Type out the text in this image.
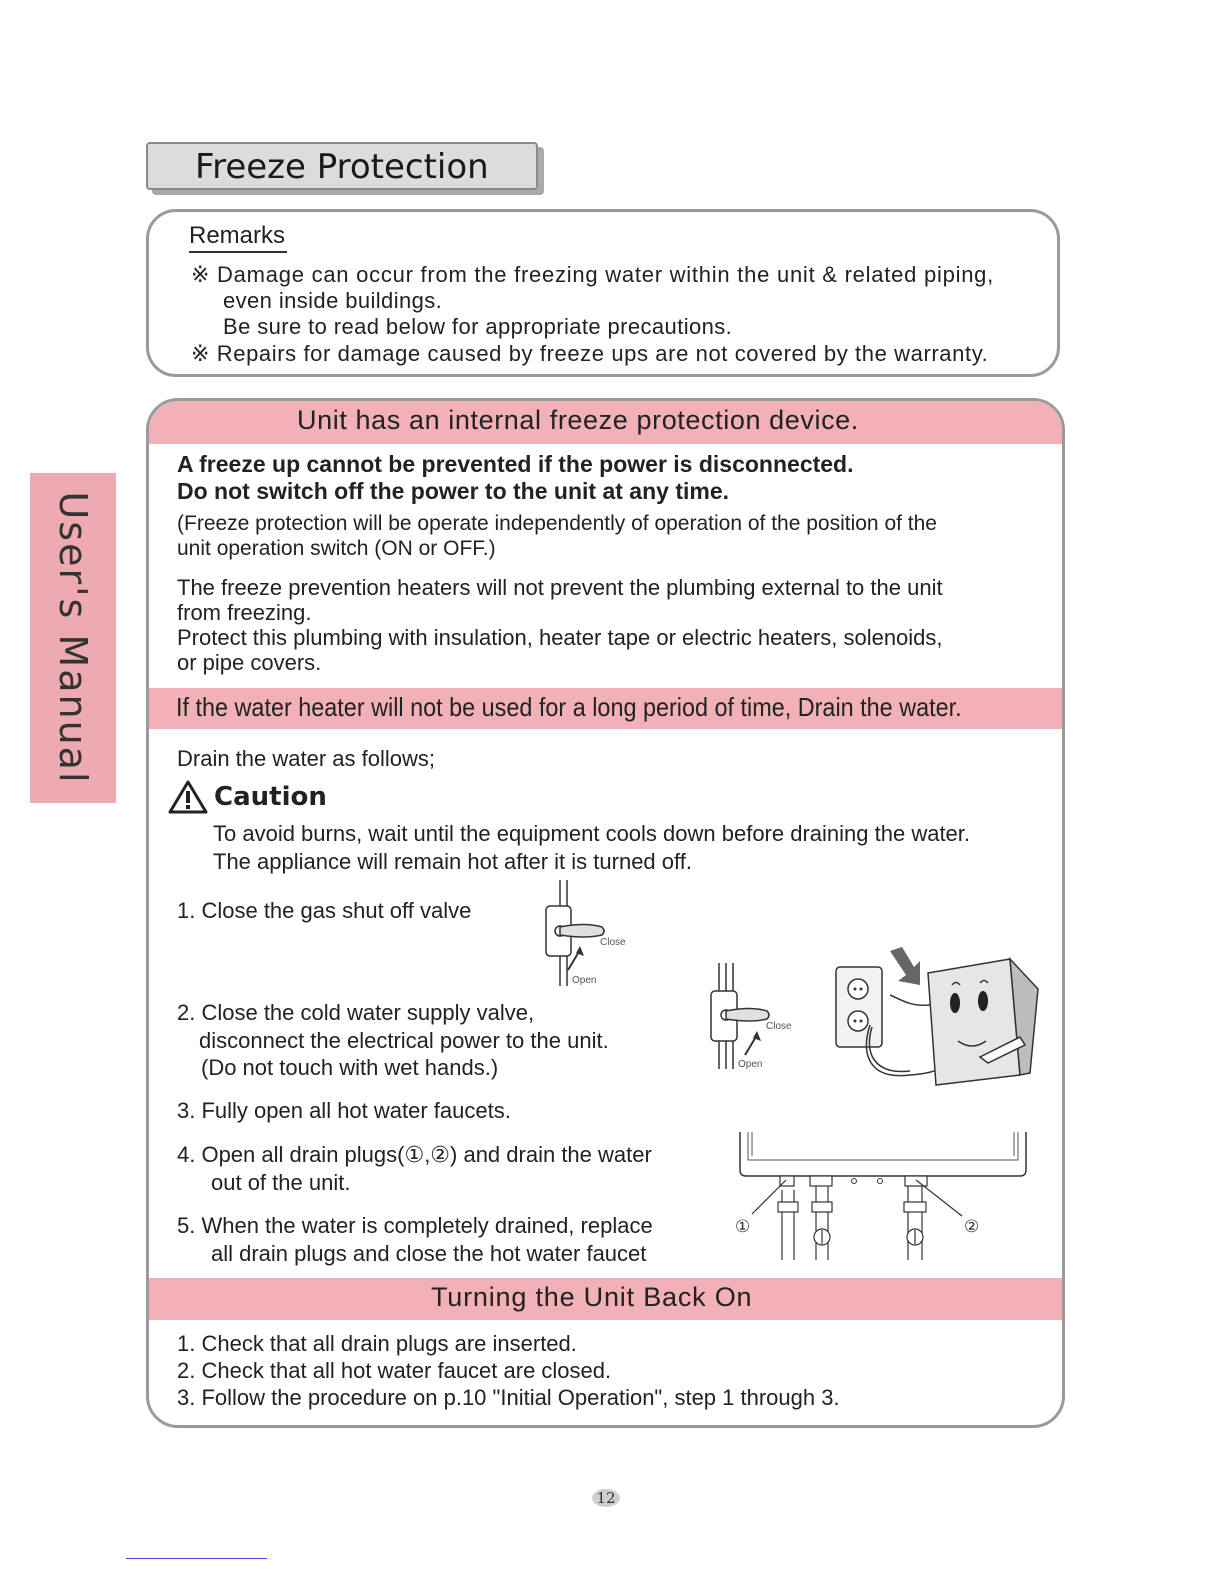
Freeze Protection
User's Manual
Remarks
※ Damage can occur from the freezing water within the unit & related piping,
even inside buildings.
Be sure to read below for appropriate precautions.
※ Repairs for damage caused by freeze ups are not covered by the warranty.
Unit has an internal freeze protection device.
A freeze up cannot be prevented if the power is disconnected.
Do not switch off the power to the unit at any time.
(Freeze protection will be operate independently of operation of the position of the
unit operation switch (ON or OFF.)
The freeze prevention heaters will not prevent the plumbing external to the unit
from freezing.
Protect this plumbing with insulation, heater tape or electric heaters, solenoids,
or pipe covers.
If the water heater will not be used for a long period of time, Drain the water.
Drain the water as follows;
Caution
To avoid burns, wait until the equipment cools down before draining the water.
The appliance will remain hot after it is turned off.
1. Close the gas shut off valve
2. Close the cold water supply valve,
disconnect the electrical power to the unit.
(Do not touch with wet hands.)
3. Fully open all hot water faucets.
4. Open all drain plugs(①,②) and drain the water
out of the unit.
5. When the water is completely drained, replace
all drain plugs and close the hot water faucet
Close
Open
Close
Open
①	②
Turning the Unit Back On
1. Check that all drain plugs are inserted.
2. Check that all hot water faucet are closed.
3. Follow the procedure on p.10 "Initial Operation", step 1 through 3.
12
